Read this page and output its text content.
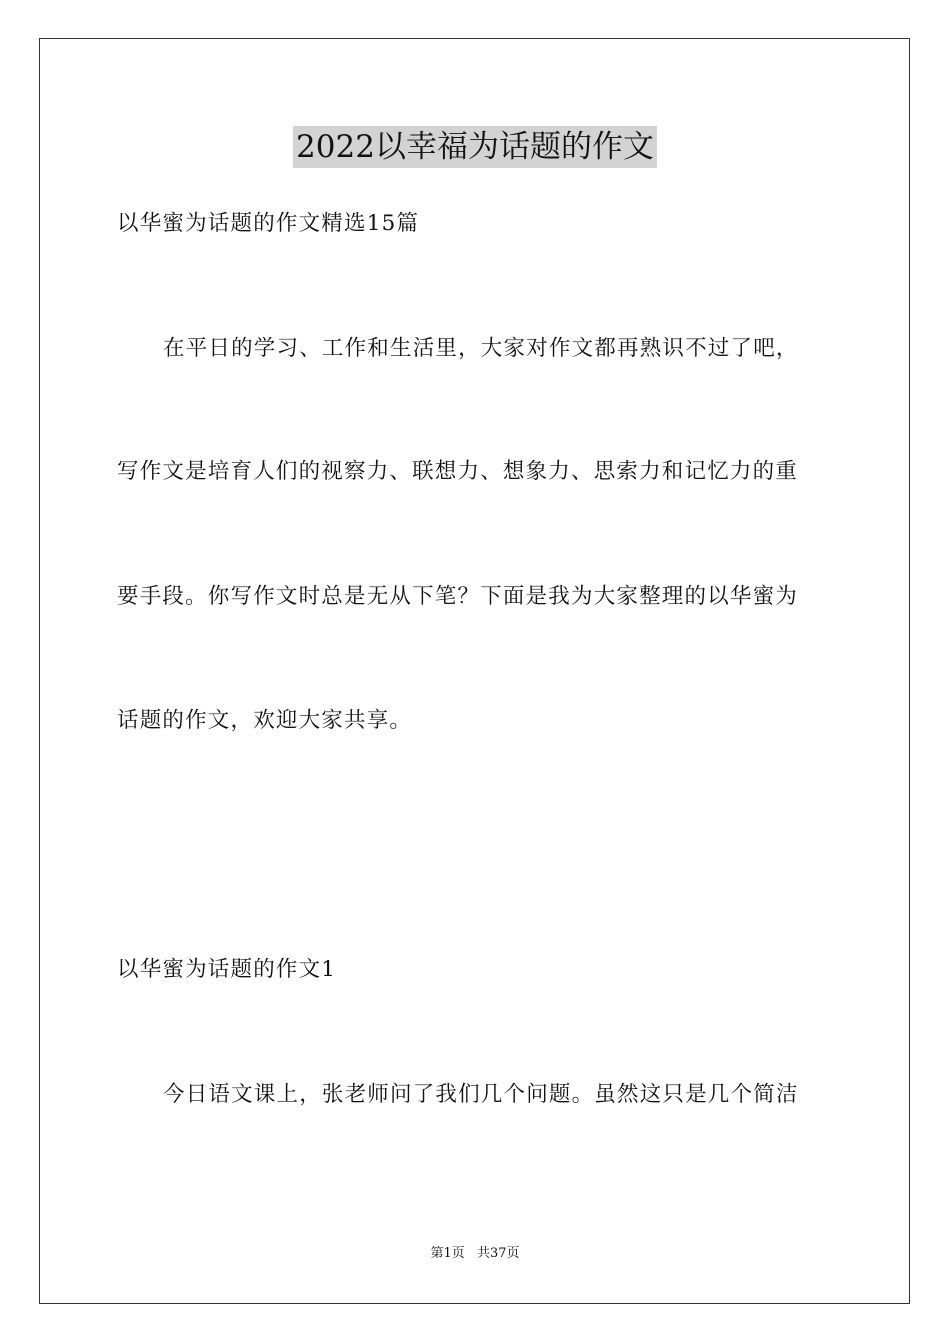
2022以幸福为话题的作文
以华蜜为话题的作文精选15篇
在平日的学习、工作和生活里，大家对作文都再熟识不过了吧，
写作文是培育人们的视察力、联想力、想象力、思索力和记忆力的重
要手段。你写作文时总是无从下笔？下面是我为大家整理的以华蜜为
话题的作文，欢迎大家共享。
以华蜜为话题的作文1
今日语文课上，张老师问了我们几个问题。虽然这只是几个简洁
第1页 共37页
